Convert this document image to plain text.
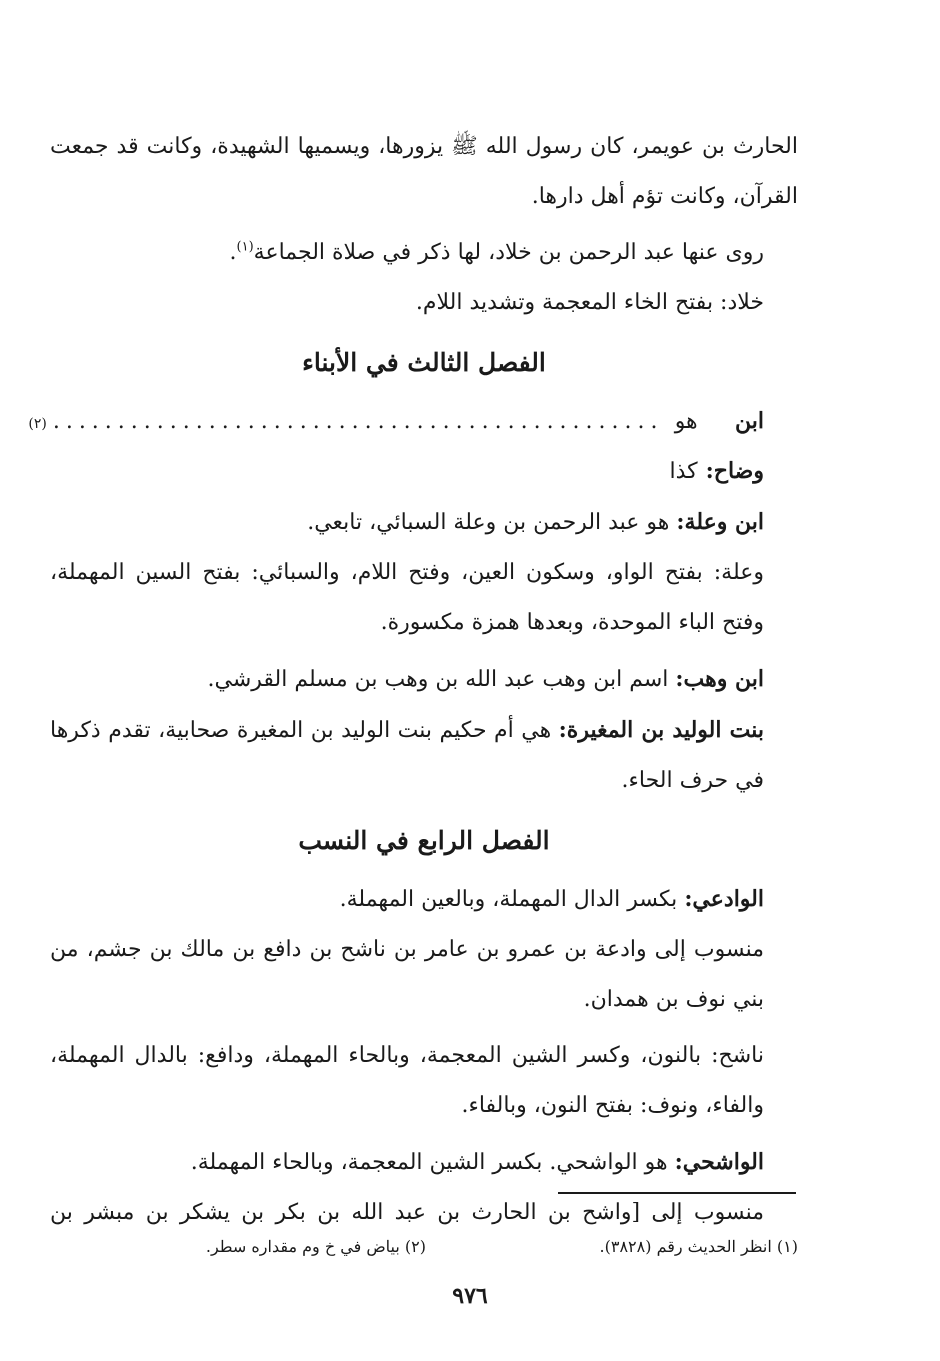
الحارث بن عويمر، كان رسول الله ﷺ يزورها، ويسميها الشهيدة، وكانت قد جمعت القرآن، وكانت تؤم أهل دارها.

روى عنها عبد الرحمن بن خلاد، لها ذكر في صلاة الجماعة$^{(١)}$.

خلاد: بفتح الخاء المعجمة وتشديد اللام.

الفصل الثالث في الأبناء
ابن وضاح:
هو كذا
...............................................
(٢)

ابن وعلة: هو عبد الرحمن بن وعلة السبائي، تابعي.

وعلة: بفتح الواو، وسكون العين، وفتح اللام، والسبائي: بفتح السين المهملة، وفتح الباء الموحدة، وبعدها همزة مكسورة.

ابن وهب: اسم ابن وهب عبد الله بن وهب بن مسلم القرشي.

بنت الوليد بن المغيرة: هي أم حكيم بنت الوليد بن المغيرة صحابية، تقدم ذكرها في حرف الحاء.

الفصل الرابع في النسب

الوادعي: بكسر الدال المهملة، وبالعين المهملة.

منسوب إلى وادعة بن عمرو بن عامر بن ناشح بن دافع بن مالك بن جشم، من بني نوف بن همدان.

ناشح: بالنون، وكسر الشين المعجمة، وبالحاء المهملة، ودافع: بالدال المهملة، والفاء، ونوف: بفتح النون، وبالفاء.

الواشحي: هو الواشحي. بكسر الشين المعجمة، وبالحاء المهملة.

منسوب إلى [واشح بن الحارث بن عبد الله بن بكر بن يشكر بن مبشر بن

(١) انظر الحديث رقم (٣٨٢٨).
(٢) بياض في خ وم مقداره سطر.
٩٧٦
